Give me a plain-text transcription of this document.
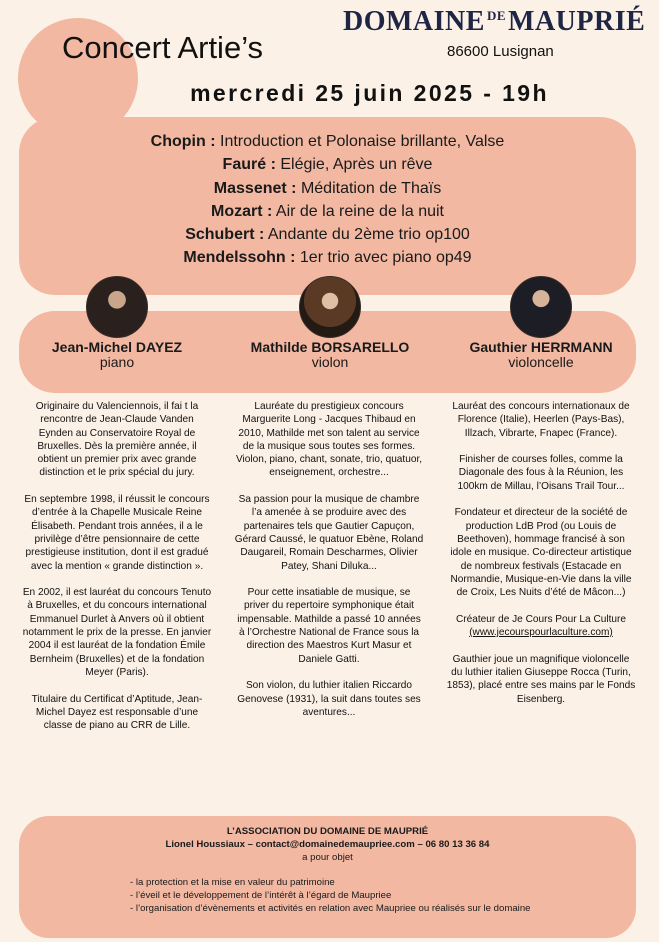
Concert Artie’s
DOMAINE $^{DE}$MAUPRIÉ
86600 Lusignan
mercredi 25 juin 2025 - 19h
Chopin : Introduction et Polonaise brillante, Valse
Fauré : Elégie, Après un rêve
Massenet : Méditation de Thaïs
Mozart : Air de la reine de la nuit
Schubert : Andante du 2ème trio op100
Mendelssohn : 1er trio avec piano op49
Jean-Michel DAYEZ
piano
Mathilde BORSARELLO
violon
Gauthier HERRMANN
violoncelle

Originaire du Valenciennois, il fai t la rencontre de Jean-Claude Vanden Eynden au Conservatoire Royal de Bruxelles. Dès la première année, il obtient un premier prix avec grande distinction et le prix spécial du jury.

En septembre 1998, il réussit le concours d’entrée à la Chapelle Musicale Reine Élisabeth. Pendant trois années, il a le privilège d’être pensionnaire de cette prestigieuse institution, dont il est gradué avec la mention « grande distinction ».

En 2002, il est lauréat du concours Tenuto à Bruxelles, et du concours international Emmanuel Durlet à Anvers où il obtient notamment le prix de la presse. En janvier 2004 il est lauréat de la fondation Émile Bernheim (Bruxelles) et de la fondation Meyer (Paris).

Titulaire du Certificat d’Aptitude, Jean-Michel Dayez est responsable d’une classe de piano au CRR de Lille.

Lauréate du prestigieux concours Marguerite Long - Jacques Thibaud en 2010, Mathilde met son talent au service de la musique sous toutes ses formes. Violon, piano, chant, sonate, trio, quatuor, enseignement, orchestre...

Sa passion pour la musique de chambre l’a amenée à se produire avec des partenaires tels que Gautier Capuçon, Gérard Caussé, le quatuor Ebène, Roland Daugareil, Romain Descharmes, Olivier Patey, Shani Diluka...

Pour cette insatiable de musique, se priver du repertoire symphonique était impensable. Mathilde a passé 10 années à l’Orchestre National de France sous la direction des Maestros Kurt Masur et Daniele Gatti.

Son violon, du luthier italien Riccardo Genovese (1931), la suit dans toutes ses aventures...

Lauréat des concours internationaux de Florence (Italie), Heerlen (Pays-Bas), Illzach, Vibrarte, Fnapec (France).

Finisher de courses folles, comme la Diagonale des fous à la Réunion, les 100km de Millau, l’Oisans Trail Tour...

Fondateur et directeur de la société de production LdB Prod (ou Louis de Beethoven), hommage francisé à son idole en musique. Co-directeur artistique de nombreux festivals (Estacade en Normandie, Musique-en-Vie dans la ville de Croix, Les Nuits d’été de Mâcon...)

Créateur de Je Cours Pour La Culture

(www.jecourspourlaculture.com)

Gauthier joue un magnifique violoncelle du luthier italien Giuseppe Rocca (Turin, 1853), placé entre ses mains par le Fonds Eisenberg.

L’ASSOCIATION DU DOMAINE DE MAUPRIÉ
Lionel Houssiaux – contact@domainedemaupriee.com – 06 80 13 36 84
a pour objet
- la protection et la mise en valeur du patrimoine
- l’éveil et le développement de l’intérêt à l’égard de Maupriee
- l’organisation d’évènements et activités en relation avec Maupriee ou réalisés sur le domaine
